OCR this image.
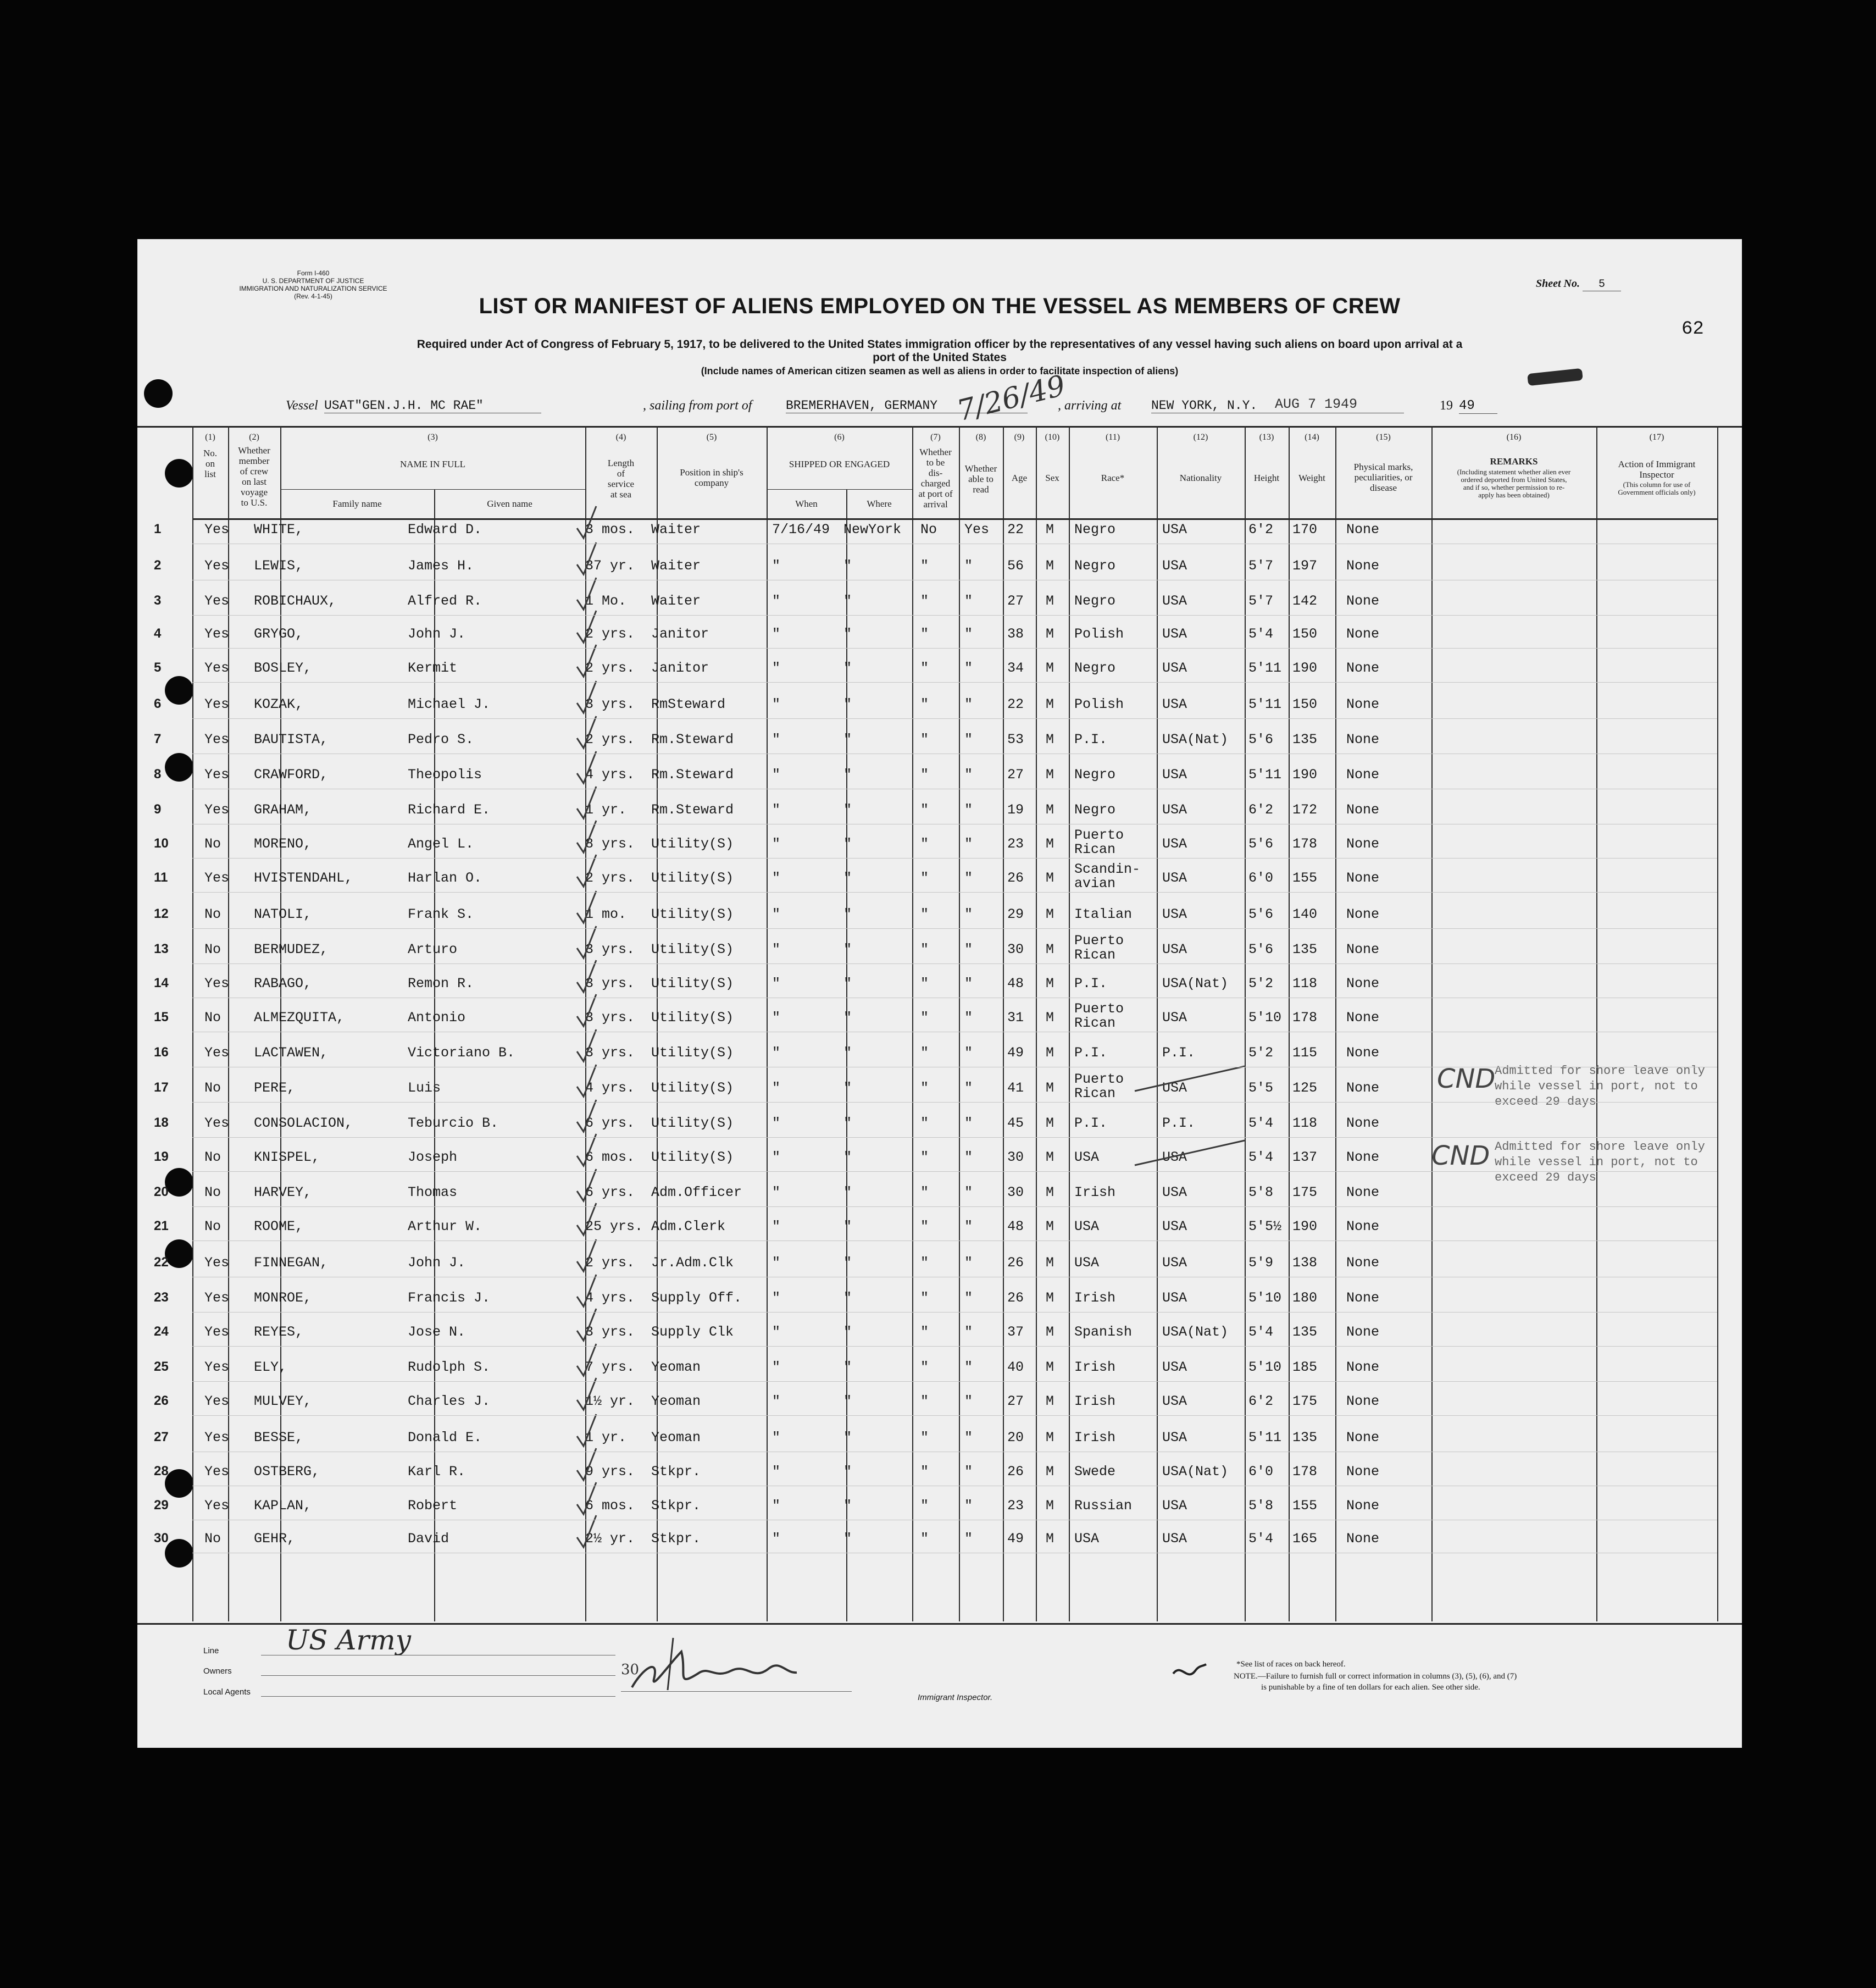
Form I-460
U. S. DEPARTMENT OF JUSTICE
IMMIGRATION AND NATURALIZATION SERVICE
(Rev. 4-1-45)
Sheet No. 5
62
LIST OR MANIFEST OF ALIENS EMPLOYED ON THE VESSEL AS MEMBERS OF CREW
Required under Act of Congress of February 5, 1917, to be delivered to the United States immigration officer by the representatives of any vessel having such aliens on board upon arrival at a
port of the United States
(Include names of American citizen seamen as well as aliens in order to facilitate inspection of aliens)
Vessel USAT"GEN.J.H. MC RAE"	, sailing from port of	BREMERHAVEN, GERMANY 7/26/49
, arriving at NEW YORK, N.Y.	AUG 7 1949	19 49
(1)
No.
on
list
(2)
Whether
member
of crew
on last
voyage
to U.S.
(3)
NAME IN FULL
Family name	Given name
(4)
Length
of
service
at sea
(5)
Position in ship's
company
(6)
SHIPPED OR ENGAGED
When	Where
(7)
Whether
to be
dis-
charged
at port of
arrival
(8)
Whether
able to
read
(9)
Age
(10)
Sex
(11)
Race*
(12)
Nationality
(13)
Height
(14)
Weight
(15)
Physical marks,
peculiarities, or
disease
(16)
REMARKS
(Including statement whether alien ever
ordered deported from United States,
and if so, whether permission to re-
apply has been obtained)
(17)
Action of Immigrant
Inspector
(This column for use of
Government officials only)
1	Yes WHITE,	Edward D.	3 mos. Waiter	7/16/49 NewYork No Yes 22 M Negro	USA	6'2 170 None
2	Yes LEWIS,	James H.	37 yr. Waiter	"	"	"	"	56 M Negro	USA	5'7 197 None
3	Yes ROBICHAUX,	Alfred R.	1 Mo. Waiter	"	"	"	"	27 M Negro	USA	5'7 142 None
4	Yes GRYGO,	John J.	2 yrs. Janitor	"	"	"	"	38 M Polish	USA	5'4 150 None
5	Yes BOSLEY,	Kermit	2 yrs. Janitor	"	"	"	"	34 M Negro	USA	5'11 190 None
6	Yes KOZAK,	Michael J.	3 yrs. RmSteward	"	"	"	"	22 M Polish	USA	5'11 150 None
7	Yes BAUTISTA,	Pedro S.	2 yrs. Rm.Steward	"	"	"	"	53 M P.I.	USA(Nat) 5'6 135 None
8	Yes CRAWFORD,	Theopolis	4 yrs. Rm.Steward	"	"	"	"	27 M Negro	USA	5'11 190 None
9	Yes GRAHAM,	Richard E.	1 yr. Rm.Steward	"	"	"	"	19 M Negro	USA	6'2 172 None
10	No MORENO,	Angel L.	8 yrs. Utility(S)	"	"	"	"	23 M
Puerto
Rican	USA	5'6 178 None
11	Yes HVISTENDAHL,	Harlan O.	2 yrs. Utility(S)	"	"	"	"	26 M
Scandin-
avian	USA	6'0 155 None
12	No NATOLI,	Frank S.	1 mo. Utility(S)	"	"	"	"	29 M Italian USA	5'6 140 None
13	No BERMUDEZ,	Arturo	3 yrs. Utility(S)	"	"	"	"	30 M
Puerto
Rican	USA	5'6 135 None
14	Yes RABAGO,	Remon R.	3 yrs. Utility(S)	"	"	"	"	48 M P.I.	USA(Nat) 5'2 118 None
15	No ALMEZQUITA,	Antonio	3 yrs. Utility(S)	"	"	"	"	31 M
Puerto
Rican	USA	5'10 178 None
16	Yes LACTAWEN,	Victoriano B.	3 yrs. Utility(S)	"	"	"	"	49 M P.I.	P.I.	5'2 115 None
17	No PERE,	Luis	4 yrs. Utility(S)	"	"	"	"	41 M
Puerto
Rican	USA	5'5 125 None
18	Yes CONSOLACION,	Teburcio B.	6 yrs. Utility(S)	"	"	"	"	45 M P.I.	P.I.	5'4 118 None
19	No KNISPEL,	Joseph	6 mos. Utility(S)	"	"	"	"	30 M USA	USA	5'4 137 None
20	No HARVEY,	Thomas	6 yrs. Adm.Officer "	"	"	"	30 M Irish	USA	5'8 175 None
21	No ROOME,	Arthur W.	25 yrs. Adm.Clerk	"	"	"	"	48 M USA	USA	5'5½ 190 None
22	Yes FINNEGAN,	John J.	2 yrs. Jr.Adm.Clk	"	"	"	"	26 M USA	USA	5'9 138 None
23	Yes MONROE,	Francis J.	4 yrs. Supply Off. "	"	"	"	26 M Irish	USA	5'10 180 None
24	Yes REYES,	Jose N.	3 yrs. Supply Clk	"	"	"	"	37 M Spanish USA(Nat) 5'4 135 None
25	Yes ELY,	Rudolph S.	7 yrs. Yeoman	"	"	"	"	40 M Irish	USA	5'10 185 None
26	Yes MULVEY,	Charles J.	1½ yr. Yeoman	"	"	"	"	27 M Irish	USA	6'2 175 None
27	Yes BESSE,	Donald E.	1 yr. Yeoman	"	"	"	"	20 M Irish	USA	5'11 135 None
28	Yes OSTBERG,	Karl R.	9 yrs. Stkpr.	"	"	"	"	26 M Swede	USA(Nat) 6'0 178 None
29	Yes KAPLAN,	Robert	6 mos. Stkpr.	"	"	"	"	23 M Russian USA	5'8 155 None
30	No GEHR,	David	2½ yr. Stkpr.	"	"	"	"	49 M USA	USA	5'4 165 None
CND
Admitted for shore leave only
while vessel in port, not to
exceed 29 days
CND Admitted for shore leave only
while vessel in port, not to
exceed 29 days
Line US Army
Owners	30
Local Agents
Immigrant Inspector.
*See list of races on back hereof.
NOTE.—Failure to furnish full or correct information in columns (3), (5), (6), and (7)
is punishable by a fine of ten dollars for each alien. See other side.
